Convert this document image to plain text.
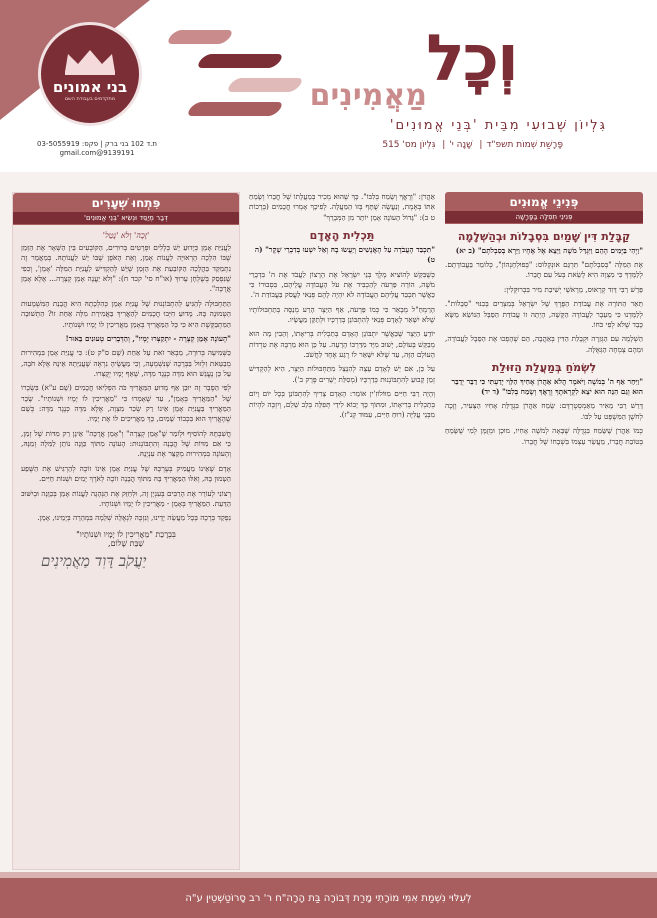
בני אמונים
מתקדמים בעבודת השם
ת.ד 102 בני ברק | פקס: 03-5055919
9139191@gmail.com
וְכׇל
מַאֲמִינִים
גִּלְיוֹן שְׁבוּעִי מִבֵּית 'בְּנֵי אֱמוּנִים'
פָּרָשַׁת שְׁמוֹת תשפ"ד| שָׁנָה י'| גִּלְיוֹן מס' 515
פְּנִינֵי אֱמוּנִים
פְּנִינֵי תְּפִלָּה בַּפָּרָשָׁה
קַבָּלַת דִּין שָׁמַיִם בִּסְבָלוֹת וּבְהַשְׁלָמָה

"וַיְהִי בַּיָּמִים הָהֵם וַיִּגְדַּל מֹשֶׁה וַיֵּצֵא אֶל אֶחָיו וַיַּרְא בְּסִבְלֹתָם" (ב יא)

אֶת הַמִּלָּה "בְּסִבְלֹתָם" תִּרְגֵּם אוּנְקְלוֹס: "בְּפוּלְחָנְהוֹן", כְּלוֹמַר בַּעֲבוֹדָתָם. לְלַמֶּדְךָ כִּי מִצְוָה הִיא לָשֵׂאת בְּעֹל עִם חֲבֵרוֹ.

פֵּרֵשׁ רַבִּי דָּוִד קְרָאוּס, מֵרָאשֵׁי יְשִׁיבַת מִיר בִּבְרוּקְלִין:

תֵּאֵר הַתּוֹרָה אֶת עֲבוֹדַת הַפֶּרֶךְ שֶׁל יִשְׂרָאֵל בְּמִצְרַיִם בְּכִנּוּי "סְבָלוֹת". לְלַמֶּדְנוּ כִּי מֵעֵבֶר לַעֲבוֹדָה הַקָּשָׁה, הָיְתָה זוֹ עֲבוֹדַת הַסַּבָּל הַנּוֹשֵׂא מַשָּׂא כָּבֵד שֶׁלֹּא לְפִי כֹּחוֹ.

הַשְׁלָמָה עִם הַגְּזֵרָה וּקְבָלַת הַדִּין בְּאַהֲבָה, הֵם שֶׁהָפְכוּ אֶת הַסֵּבֶל לַעֲבוֹדָה, וּמֵהֶם צָמְחָה הַגְּאֻלָּה.

לִשְׂמֹחַ בְּמַעֲלַת הַזּוּלַת

"וַיִּחַר אַף ה' בְּמֹשֶׁה וַיֹּאמֶר הֲלֹא אַהֲרֹן אָחִיךָ הַלֵּוִי יָדַעְתִּי כִּי דַבֵּר יְדַבֵּר הוּא וְגַם הִנֵּה הוּא יֹצֵא לִקְרָאתֶךָ וְרָאֲךָ וְשָׂמַח בְּלִבּוֹ" (ד יד)

דָּרַשׁ רַבִּי מֵאִיר מֵאַמְסְטֶרְדָּם: שָׂמַח אַהֲרֹן בִּגְדֻלַּת אָחִיו הַצָּעִיר, וְזָכָה לְחֹשֶׁן הַמִּשְׁפָּט עַל לִבּוֹ.

כְּמוֹ אַהֲרֹן שֶׁשָּׂמַח בִּגְדֻלָּה שֶׁבָּאָה לְמֹשֶׁה אָחִיו, מוּכָן וּמְזֻמָּן לְמִי שֶׁשָּׂמֵחַ בְּטוֹבַת חֲבֵרוֹ, מַעֲשֵׂר עַצְמוֹ בִּשְׁבָחוֹ שֶׁל חֲבֵרוֹ.

אַהֲרֹן: "וְרָאֲךָ וְשָׂמַח בְּלִבּוֹ". כָּךְ שֶׁהוּא מְכִיר בְּמַעֲלָתוֹ שֶׁל חֲבֵרוֹ וְשָׂמֵחַ אִתּוֹ בְּאֶמֶת, וְנַעֲשֶׂה שֻׁתָּף בְּזוֹ הַמַּעֲלָה. לְפִיכָךְ אָמְרוּ חֲכָמִים (בְּרָכוֹת ט ב): "גָּדוֹל הָעוֹנֶה אָמֵן יוֹתֵר מִן הַמְּבָרֵךְ"

תַּכְלִית הָאָדָם

"תִּכְבַּד הָעֲבֹדָה עַל הָאֲנָשִׁים וְיַעֲשׂוּ בָהּ וְאַל יִשְׁעוּ בְּדִבְרֵי שָׁקֶר" (ה ט)

כְּשֶׁבִּקֵּשׁ לְהוֹצִיא מֶלֶךְ בְּנֵי יִשְׂרָאֵל אֶת הָרָצוֹן לַעֲבֹד אֶת ה' בִּדְבָרֵי מֹשֶׁה, הוֹרָה פַּרְעֹה לְהַכְבִּיד אֶת עֹל הָעֲבוֹדָה עֲלֵיהֶם, בִּסְבוּרוֹ כִּי כַּאֲשֶׁר תִּכְבַּד עֲלֵיהֶם הָעֲבוֹדָה לֹא יִהְיֶה לָהֶם פְּנַאי לַעֲסֹק בַּעֲבוֹדַת ה'.

הָרַמְחַ"ל מְבָאֵר כִּי כְּמוֹ פַּרְעֹה, אַף הַיֵּצֶר הָרַע מְנַסֶּה בְּתַחְבּוּלוֹתָיו שֶׁלֹּא יִשָּׁאֵר לָאָדָם פְּנַאי לְהִתְבּוֹנֵן בְּדַרְכָּיו וּלְתַקֵּן מַעֲשָׂיו.

יוֹדֵעַ הַיֵּצֶר שֶׁכַּאֲשֶׁר יִתְבּוֹנֵן הָאָדָם בְּתַכְלִית בְּרִיאָתוֹ, וְהֵבִין מָה הוּא מְבַקֵּשׁ בָּעוֹלָם, יָשׁוּב מִיָּד מִדַּרְכּוֹ הָרָעָה. עַל כֵּן הוּא מַרְבֶּה אֶת טִרְדוֹת הָעוֹלָם הַזֶּה, עַד שֶׁלֹּא יִשָּׁאֵר לוֹ רֶגַע אֶחָד לַחֲשֹׁב.

עַל כֵּן, אִם יֵשׁ לָאָדָם עֵצָה לְהִנָּצֵל מִתַּחְבּוּלוֹת הַיֵּצֶר, הִיא לְהַקְדִּישׁ זְמַן קָבוּעַ לְהִתְבּוֹנְנוּת בְּדַרְכָּיו (מְסִלַּת יְשָׁרִים פֶּרֶק ב').

וְהָיָה רַבִּי חַיִּים מִוּוֹלוֹזִ'ין אוֹמֵר: הָאָדָם צָרִיךְ לְהִתְבּוֹנֵן בְּכָל יוֹם וָיוֹם בְּתַכְלִית בְּרִיאָתוֹ, וּמִתּוֹךְ כָּךְ יָבוֹא לִידֵי תְּפִלָּה בְּלֵב שָׁלֵם, וְיִזְכֶּה לִהְיוֹת מִבְּנֵי עֲלִיָּה (רוּחַ חַיִּים, עַמּוּד קְנ"ז).

פִּתְחוּ שְׁעָרִים
דְּבַר מְיַסֵּד וּנְשִׂיא 'בְּנֵי אֱמוּנִים'
'זָכָה' וְלֹא 'נָטַל'

לַעֲנִיַּת אָמֵן כְּיָדוּעַ יֵשׁ כְּלָלִים וּפְרָטִים בְּרוּרִים, הַקּוֹבְעִים בֵּין הַשְּׁאָר אֶת הַזְּמַן שֶׁבּוֹ הִלְכָה הָרְאוּיָה לַעֲנוֹת אָמֵן, וְאֵת הָאֹפֶן שֶׁבּוֹ יֵשׁ לַעֲנוֹתָהּ. בְּמַאֲמָר זֶה נִתְמַקֵּד בַּהֲלָכָה הַקּוֹבַעַת אֶת הַזְּמַן שֶׁיֵּשׁ לְהַקְדִּישׁ לַעֲנִיַּת הַמִּלָּה 'אָמֵן', וְכִפִי שֶׁנִּפְסַק בְּשֻׁלְחָן עָרוּךְ (או"ח סי' קכד ח): "וְלֹא יַעֲנֶה אָמֵן קְצָרָה... אֶלָּא אָמֵן אֲרֻכָּה".

הַתַּחְבּוּלָה לְהַגִּיעַ לְהִתְבּוֹנְנוּת שֶׁל עֲנִיַּת אָמֵן כְּהִלְכָתָהּ הִיא הֲבָנַת הַמִּשְׁמָעוּת הַטְּמוּנָה בָּהּ. מָדוּעַ חִיְּבוּ חֲכָמִים לְהַאֲרִיךְ בַּאֲמִירַת מִלָּה אַחַת זוֹ? הַתְּשׁוּבָה הַמִּתְבַּקֶּשֶׁת הִיא כִּי כָּל הַמַּאֲרִיךְ בְּאָמֵן מַאֲרִיכִין לוֹ יָמָיו וּשְׁנוֹתָיו.

"הָעוֹנֶה אָמֵן קְצָרָה - יִתְקַצְּרוּ יָמָיו", וְהַדְּבָרִים טְעוּנִים בֵּאוּר!

כַּשְּׁמִיעָה בְּרוּרָה, מַבְאַר זֹאת עַל אַחַת (שָׁם ס"ק ט): כִּי עֲנִיַּת אָמֵן בִּמְהִירוּת מְבַטֵּאת זִלְזוּל בַּבְּרָכָה שֶׁנִּשְׁמְעָה, וְכִי מַעֲשֶׂיהָ נִרְאֶה שֶׁעֲנִיָּתָהּ אֵינָהּ אֶלָּא חֹבָה, עַל כֵּן נֶעֱנֵשׁ הוּא מִדָּה כְּנֶגֶד מִדָּה, שֶׁאַף יָמָיו יְקֻצְּרוּ.

לְפִי הַסֶּבֶר זֶה יוּבַן אַף מָדוּעַ הַמַּאֲרִיךְ כֹּה הִפְלִיאוּ חֲכָמִים (שָׁם ע"א) בִּשְׂכָרוֹ שֶׁל "הַמַּאֲרִיךְ בְּאָמֵן", עַד שֶׁאָמְרוּ כִּי "מַאֲרִיכִין לוֹ יָמָיו וּשְׁנוֹתָיו". שָׂכָר הַמַּאֲרִיךְ בַּעֲנִיַּת אָמֵן אֵינוֹ רַק שְׂכַר מִצְוָה, אֶלָּא מִדָּה כְּנֶגֶד מִדָּה: כְּשֵׁם שֶׁהֶאֱרִיךְ הוּא בִּכְבוֹד שָׁמַיִם, כָּךְ מַאֲרִיכִים לוֹ אֶת יָמָיו.

חֲשִׁבְתָּהּ לְהוֹסִיף וּלְוֹמַר שֶׁ"אָמֵן קְצָרָה" וְ"אָמֵן אֲרֻכָּה" אֵינָן רַק מִדּוֹת שֶׁל זְמַן, כִּי אִם מִדּוֹת שֶׁל הֲבָנָה וְהִתְבּוֹנְנוּת: הָעוֹנֶה מִתּוֹךְ כַּוָּנָה נוֹתֵן לַמִּלָּה זְמַנָּהּ, וְהָעוֹנֶה בִּמְהִירוּת מְקַצֵּר אֶת עִנְיָנָהּ.

אָדָם שֶׁאֵינוֹ מַעֲמִיק בְּעֶרְכָּהּ שֶׁל עֲנִיַּת אָמֵן אֵינוֹ זוֹכֶה לְהַרְגִּישׁ אֶת הַשֶּׁפַע הַטָּמוּן בָּהּ, וְאִלּוּ הַמַּאֲרִיךְ בָּהּ מִתּוֹךְ הֲבָנָה זוֹכֶה לְאֹרֶךְ יָמִים וּשְׁנוֹת חַיִּים.

רְצוֹנִי לְעוֹרֵר אֶת הָרַבִּים בְּעִנְיָן זֶה, וּלְחַזֵּק אֶת הַנְּהָגָה לַעֲנוֹת אָמֵן בְּכַוָּנָה וּבְיִשּׁוּב הַדַּעַת. הַמַּאֲרִיךְ בְּאָמֵן - מַאֲרִיכִין לוֹ יָמָיו וּשְׁנוֹתָיו.

נִפְקַד בְּרָכָה בְּכָל מַעֲשֵׂה יָדֵינוּ, וְנִזְכֶּה לִגְאֻלָּה שְׁלֵמָה בִּמְהֵרָה בְּיָמֵינוּ, אָמֵן.

בִּבְרָכַת "מַאֲרִיכִין לוֹ יָמָיו וּשְׁנוֹתָיו"
שַׁבַּת שָׁלוֹם,
יַעֲקֹב דָּוִד מַאֲמִינִים
לְעִלּוּי נִשְׁמַת אִמִּי מוֹרָתִי מָרַת דְּבוֹרָה בַּת הָרָה"ח ר' רב סָרוֹטַשְׁטֵין ע"ה
